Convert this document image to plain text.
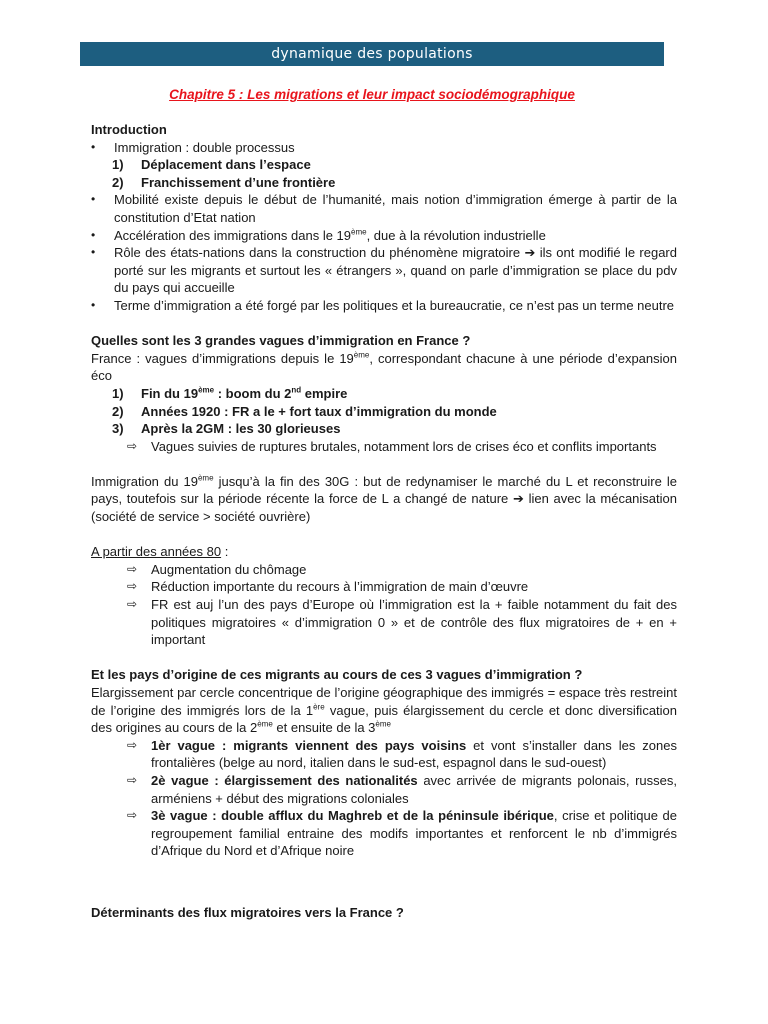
dynamique des populations

Chapitre 5 : Les migrations et leur impact sociodémographique

Introduction

•	Immigration : double processus
1)	Déplacement dans l’espace
2)	Franchissement d’une frontière
•	Mobilité existe depuis le début de l’humanité, mais notion d’immigration émerge à partir de la constitution d’Etat nation
•	Accélération des immigrations dans le 19ème, due à la révolution industrielle
•	Rôle des états-nations dans la construction du phénomène migratoire ➔ ils ont modifié le regard porté sur les migrants et surtout les « étrangers », quand on parle d’immigration se place du pdv du pays qui accueille
•	Terme d’immigration a été forgé par les politiques et la bureaucratie, ce n’est pas un terme neutre

Quelles sont les 3 grandes vagues d’immigration en France ?

France : vagues d’immigrations depuis le 19ème, correspondant chacune à une période d’expansion éco

1)	Fin du 19ème : boom du 2nd empire
2)	Années 1920 : FR a le + fort taux d’immigration du monde
3)	Après la 2GM : les 30 glorieuses
⇨	Vagues suivies de ruptures brutales, notamment lors de crises éco et conflits importants

Immigration du 19ème jusqu’à la fin des 30G : but de redynamiser le marché du L et reconstruire le pays, toutefois sur la période récente la force de L a changé de nature ➔ lien avec la mécanisation (société de service > société ouvrière)

A partir des années 80 :

⇨	Augmentation du chômage
⇨	Réduction importante du recours à l’immigration de main d’œuvre
⇨	FR est auj l’un des pays d’Europe où l’immigration est la + faible notamment du fait des politiques migratoires « d’immigration 0 » et de contrôle des flux migratoires de + en + important

Et les pays d’origine de ces migrants au cours de ces 3 vagues d’immigration ?

Elargissement par cercle concentrique de l’origine géographique des immigrés = espace très restreint de l’origine des immigrés lors de la 1ère vague, puis élargissement du cercle et donc diversification des origines au cours de la 2ème et ensuite de la 3ème

⇨	1èr vague : migrants viennent des pays voisins et vont s’installer dans les zones frontalières (belge au nord, italien dans le sud-est, espagnol dans le sud-ouest)
⇨	2è vague : élargissement des nationalités avec arrivée de migrants polonais, russes, arméniens + début des migrations coloniales
⇨	3è vague : double afflux du Maghreb et de la péninsule ibérique, crise et politique de regroupement familial entraine des modifs importantes et renforcent le nb d’immigrés d’Afrique du Nord et d’Afrique noire

Déterminants des flux migratoires vers la France ?
